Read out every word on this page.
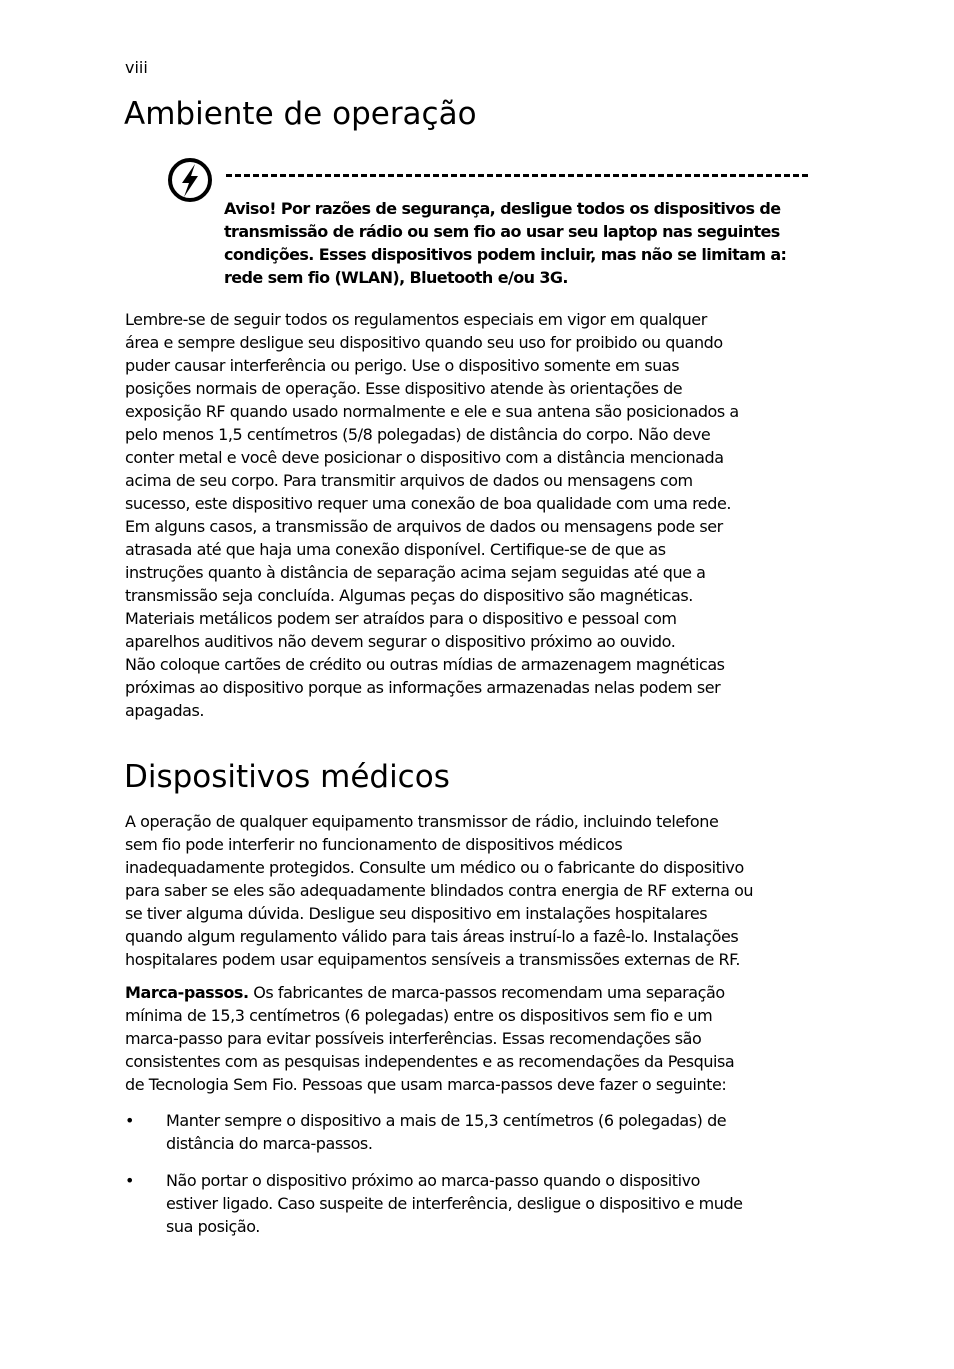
viii
Ambiente de operação
Aviso! Por razões de segurança, desligue todos os dispositivos de
transmissão de rádio ou sem fio ao usar seu laptop nas seguintes
condições. Esses dispositivos podem incluir, mas não se limitam a:
rede sem fio (WLAN), Bluetooth e/ou 3G.
Lembre-se de seguir todos os regulamentos especiais em vigor em qualquer
área e sempre desligue seu dispositivo quando seu uso for proibido ou quando
puder causar interferência ou perigo. Use o dispositivo somente em suas
posições normais de operação. Esse dispositivo atende às orientações de
exposição RF quando usado normalmente e ele e sua antena são posicionados a
pelo menos 1,5 centímetros (5/8 polegadas) de distância do corpo. Não deve
conter metal e você deve posicionar o dispositivo com a distância mencionada
acima de seu corpo. Para transmitir arquivos de dados ou mensagens com
sucesso, este dispositivo requer uma conexão de boa qualidade com uma rede.
Em alguns casos, a transmissão de arquivos de dados ou mensagens pode ser
atrasada até que haja uma conexão disponível. Certifique-se de que as
instruções quanto à distância de separação acima sejam seguidas até que a
transmissão seja concluída. Algumas peças do dispositivo são magnéticas.
Materiais metálicos podem ser atraídos para o dispositivo e pessoal com
aparelhos auditivos não devem segurar o dispositivo próximo ao ouvido.
Não coloque cartões de crédito ou outras mídias de armazenagem magnéticas
próximas ao dispositivo porque as informações armazenadas nelas podem ser
apagadas.
Dispositivos médicos
A operação de qualquer equipamento transmissor de rádio, incluindo telefone
sem fio pode interferir no funcionamento de dispositivos médicos
inadequadamente protegidos. Consulte um médico ou o fabricante do dispositivo
para saber se eles são adequadamente blindados contra energia de RF externa ou
se tiver alguma dúvida. Desligue seu dispositivo em instalações hospitalares
quando algum regulamento válido para tais áreas instruí-lo a fazê-lo. Instalações
hospitalares podem usar equipamentos sensíveis a transmissões externas de RF.
Marca-passos. Os fabricantes de marca-passos recomendam uma separação
mínima de 15,3 centímetros (6 polegadas) entre os dispositivos sem fio e um
marca-passo para evitar possíveis interferências. Essas recomendações são
consistentes com as pesquisas independentes e as recomendações da Pesquisa
de Tecnologia Sem Fio. Pessoas que usam marca-passos deve fazer o seguinte:
•	Manter sempre o dispositivo a mais de 15,3 centímetros (6 polegadas) de
distância do marca-passos.
•	Não portar o dispositivo próximo ao marca-passo quando o dispositivo
estiver ligado. Caso suspeite de interferência, desligue o dispositivo e mude
sua posição.
